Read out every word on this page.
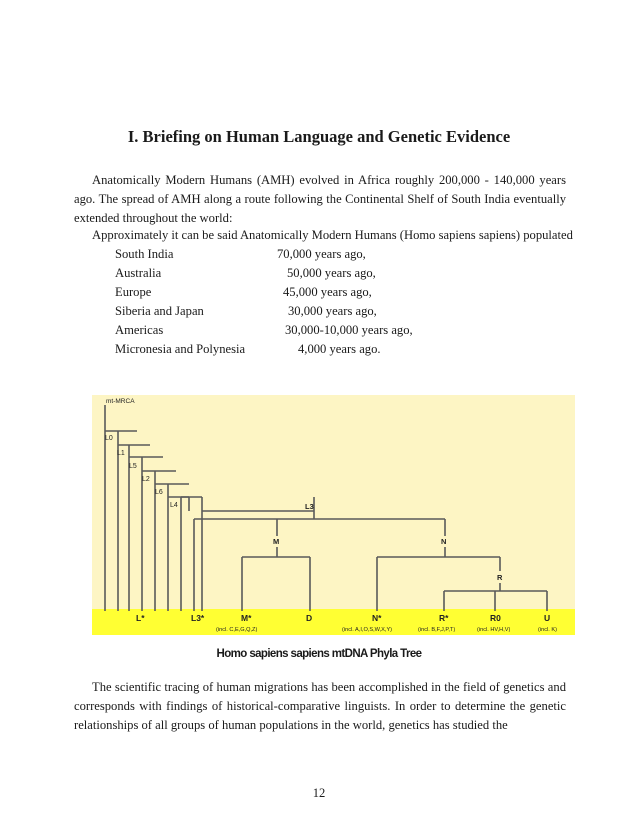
I. Briefing on Human Language and Genetic Evidence
Anatomically Modern Humans (AMH) evolved in Africa roughly 200,000 - 140,000 years ago. The spread of AMH along a route following the Continental Shelf of South India eventually extended throughout the world:
Approximately it can be said Anatomically Modern Humans (Homo sapiens sapiens) populated
South India	70,000 years ago,
Australia	50,000 years ago,
Europe	45,000 years ago,
Siberia and Japan	30,000 years ago,
Americas	30,000-10,000 years ago,
Micronesia and Polynesia	4,000 years ago.
mt-MRCA
L0
L1
L5
L2
L6
L4	L3
M	N
R
L*	L3*	M*	D	N*	R*	R0	U
(incl. C,E,G,Q,Z)	(incl. A,I,O,S,W,X,Y)	(incl. B,F,J,P,T)	(incl. HV,H,V)	(incl. K)
Homo sapiens sapiens mtDNA Phyla Tree
The scientific tracing of human migrations has been accomplished in the field of genetics and corresponds with findings of historical-comparative linguists. In order to determine the genetic relationships of all groups of human populations in the world, genetics has studied the
12
